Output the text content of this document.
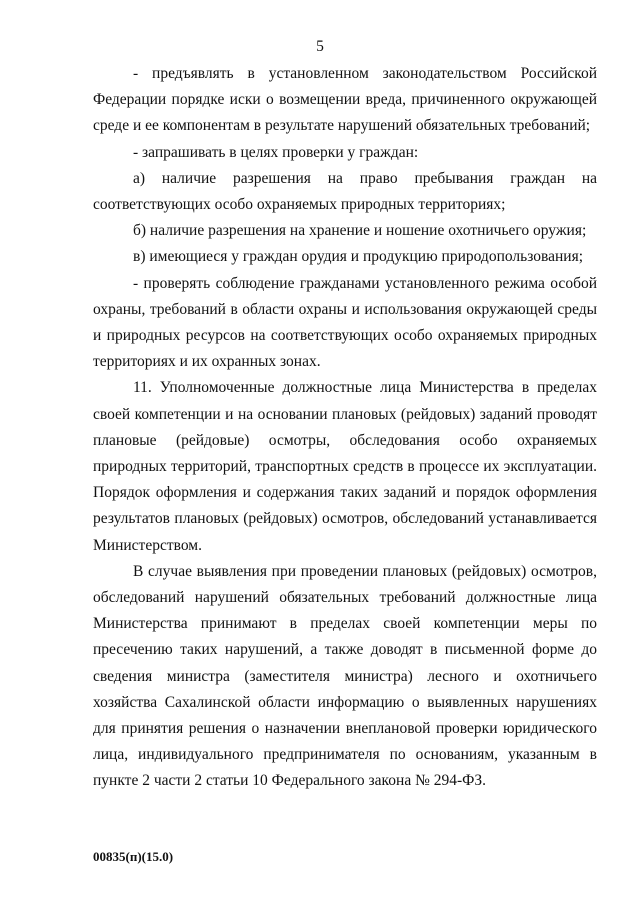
5

- предъявлять в установленном законодательством Российской Федерации порядке иски о возмещении вреда, причиненного окружающей среде и ее компонентам в результате нарушений обязательных требований;

- запрашивать в целях проверки у граждан:

а) наличие разрешения на право пребывания граждан на соответствующих особо охраняемых природных территориях;

б) наличие разрешения на хранение и ношение охотничьего оружия;

в) имеющиеся у граждан орудия и продукцию природопользования;

- проверять соблюдение гражданами установленного режима особой охраны, требований в области охраны и использования окружающей среды и природных ресурсов на соответствующих особо охраняемых природных территориях и их охранных зонах.

11. Уполномоченные должностные лица Министерства в пределах своей компетенции и на основании плановых (рейдовых) заданий проводят плановые (рейдовые) осмотры, обследования особо охраняемых природных территорий, транспортных средств в процессе их эксплуатации. Порядок оформления и содержания таких заданий и порядок оформления результатов плановых (рейдовых) осмотров, обследований устанавливается Министерством.

В случае выявления при проведении плановых (рейдовых) осмотров, обследований нарушений обязательных требований должностные лица Министерства принимают в пределах своей компетенции меры по пресечению таких нарушений, а также доводят в письменной форме до сведения министра (заместителя министра) лесного и охотничьего хозяйства Сахалинской области информацию о выявленных нарушениях для принятия решения о назначении внеплановой проверки юридического лица, индивидуального предпринимателя по основаниям, указанным в пункте 2 части 2 статьи 10 Федерального закона № 294-ФЗ.

00835(п)(15.0)
